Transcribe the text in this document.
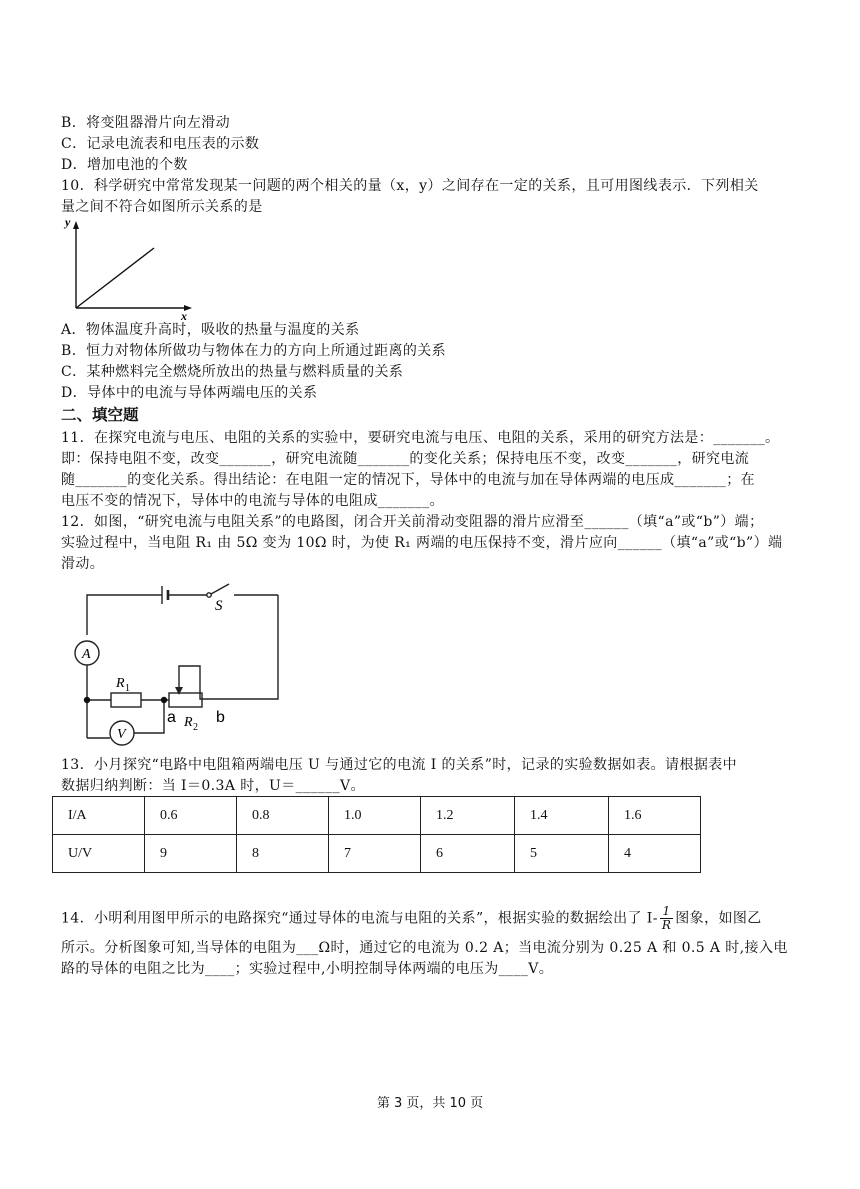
B．将变阻器滑片向左滑动
C．记录电流表和电压表的示数
D．增加电池的个数
10．科学研究中常常发现某一问题的两个相关的量（x，y）之间存在一定的关系，且可用图线表示．下列相关
量之间不符合如图所示关系的是
y
x
A．物体温度升高时，吸收的热量与温度的关系
B．恒力对物体所做功与物体在力的方向上所通过距离的关系
C．某种燃料完全燃烧所放出的热量与燃料质量的关系
D．导体中的电流与导体两端电压的关系
二、填空题
11．在探究电流与电压、电阻的关系的实验中，要研究电流与电压、电阻的关系，采用的研究方法是：_______。
即：保持电阻不变，改变_______，研究电流随_______的变化关系；保持电压不变，改变_______，研究电流
随_______的变化关系。得出结论：在电阻一定的情况下，导体中的电流与加在导体两端的电压成_______；在
电压不变的情况下，导体中的电流与导体的电阻成_______。
12．如图，“研究电流与电阻关系”的电路图，闭合开关前滑动变阻器的滑片应滑至______（填“a”或“b”）端；
实验过程中，当电阻 R₁ 由 5Ω 变为 10Ω 时，为使 R₁ 两端的电压保持不变，滑片应向______（填“a”或“b”）端
滑动。
S
A
V
R 1
R 2
a	b
13．小月探究“电路中电阻箱两端电压 U 与通过它的电流 I 的关系”时，记录的实验数据如表。请根据表中
数据归纳判断：当 I＝0.3A 时，U＝______V。
I/A	0.6	0.8	1.0	1.2	1.4	1.6
U/V	9	8	7	6	5	4
14．小明利用图甲所示的电路探究“通过导体的电流与电阻的关系”，根据实验的数据绘出了 $I- \frac{1}{R}$ 图象，如图乙
所示。分析图象可知,当导体的电阻为___Ω时，通过它的电流为 0.2 A；当电流分别为 0.25 A 和 0.5 A 时,接入电
路的导体的电阻之比为____；实验过程中,小明控制导体两端的电压为____V。
第 3 页，共 10 页
